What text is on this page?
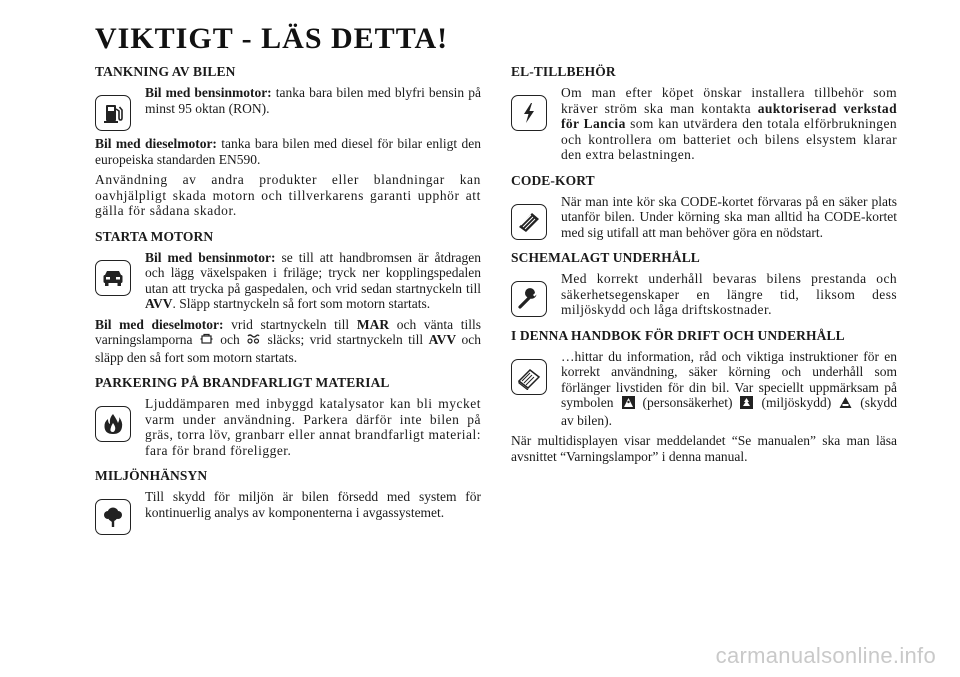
VIKTIGT - LÄS DETTA!
TANKNING AV BILEN
Bil med bensinmotor: tanka bara bilen med blyfri bensin på minst 95 oktan (RON).
Bil med dieselmotor: tanka bara bilen med diesel för bilar enligt den europeiska standarden EN590.
Användning av andra produkter eller blandningar kan oavhjälpligt skada motorn och tillverkarens garanti upphör att gälla för sådana skador.
STARTA MOTORN
Bil med bensinmotor: se till att handbromsen är åtdragen och lägg växelspaken i friläge; tryck ner kopplingspedalen utan att trycka på gaspedalen, och vrid sedan startnyckeln till AVV. Släpp startnyckeln så fort som motorn startats.
Bil med dieselmotor: vrid startnyckeln till MAR och vänta tills varningslamporna  och  släcks; vrid startnyckeln till AVV och släpp den så fort som motorn startats.
PARKERING PÅ BRANDFARLIGT MATERIAL
Ljuddämparen med inbyggd katalysator kan bli mycket varm under användning. Parkera därför inte bilen på gräs, torra löv, granbarr eller annat brandfarligt material: fara för brand föreligger.
MILJÖNHÄNSYN
Till skydd för miljön är bilen försedd med system för kontinuerlig analys av komponenterna i avgassystemet.
EL-TILLBEHÖR
Om man efter köpet önskar installera tillbehör som kräver ström ska man kontakta auktoriserad verkstad för Lancia som kan utvärdera den totala elförbrukningen och kontrollera om batteriet och bilens elsystem klarar den extra belastningen.
CODE-KORT
När man inte kör ska CODE-kortet förvaras på en säker plats utanför bilen. Under körning ska man alltid ha CODE-kortet med sig utifall att man behöver göra en nödstart.
SCHEMALAGT UNDERHÅLL
Med korrekt underhåll bevaras bilens prestanda och säkerhetsegenskaper en längre tid, liksom dess miljöskydd och låga driftskostnader.
I DENNA HANDBOK FÖR DRIFT OCH UNDERHÅLL
…hittar du information, råd och viktiga instruktioner för en korrekt användning, säker körning och underhåll som förlänger livstiden för din bil. Var speciellt uppmärksam på symbolen  (personsäkerhet)  (miljöskydd)  (skydd av bilen).
När multidisplayen visar meddelandet “Se manualen” ska man läsa avsnittet “Varningslampor” i denna manual.
carmanualsonline.info
